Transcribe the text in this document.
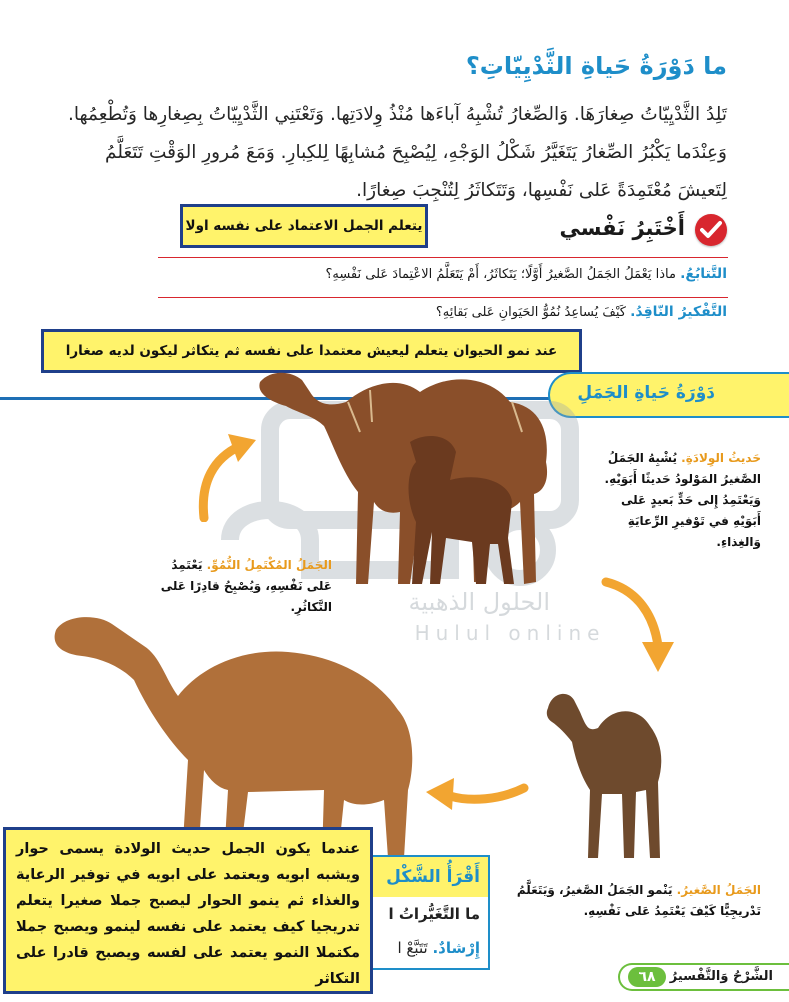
ما دَوْرَةُ حَياةِ الثَّدْيِيّاتِ؟
تَلِدُ الثَّدْيِيّاتُ صِغارَهَا. وَالصِّغارُ تُشْبِهُ آباءَها مُنْذُ وِلادَتِها. وَتَعْتَنِي الثَّدْيِيّاتُ بِصِغارِها وَتُطْعِمُها. وَعِنْدَما يَكْبُرُ الصِّغارُ يَتَغَيَّرُ شَكْلُ الوَجْهِ، لِيُصْبِحَ مُشابِهًا لِلكِبارِ. وَمَعَ مُرورِ الوَقْتِ تَتَعَلَّمُ لِتَعيشَ مُعْتَمِدَةً عَلى نَفْسِها، وَتَتَكاثَرُ لِتُنْجِبَ صِغارًا.
أَخْتَبِرُ نَفْسي
يتعلم الجمل الاعتماد على نفسه اولا
التَّتابُعُ. ماذا يَعْمَلُ الجَمَلُ الصَّغيرُ أَوَّلًا؛ يَتَكاثَرُ، أَمْ يَتَعَلَّمُ الاعْتِمادَ عَلى نَفْسِهِ؟
التَّفْكيرُ النّاقِدُ. كَيْفَ يُساعِدُ نُمُوُّ الحَيَوانِ عَلى بَقائِهِ؟
عند نمو الحيوان يتعلم ليعيش معتمدا على نفسه ثم يتكاثر ليكون لديه صغارا
دَوْرَةُ حَياةِ الجَمَلِ
الحلول الذهبية
Hulul online
حَديثُ الوِلادَةِ. يُشْبِهُ الجَمَلُ الصَّغيرُ المَوْلودُ حَديثًا أَبَوَيْهِ. وَيَعْتَمِدُ إِلى حَدٍّ بَعيدٍ عَلى أَبَوَيْهِ في تَوْفيرِ الرِّعايَةِ وَالغِذاءِ.
الجَمَلُ المُكْتَمِلُ النُّمُوِّ. يَعْتَمِدُ عَلى نَفْسِهِ، وَيُصْبِحُ قادِرًا عَلى التَّكاثُرِ.
الجَمَلُ الصَّغيرُ. يَنْمو الجَمَلُ الصَّغيرُ، وَيَتَعَلَّمُ تَدْريجِيًّا كَيْفَ يَعْتَمِدُ عَلى نَفْسِهِ.
أَقْرَأُ الشَّكْل
ما التَّغَيُّراتُ ا
إِرْشادٌ. تَتَبَّعْ ا
عندما يكون الجمل حديث الولادة يسمى حوار ويشبه ابويه ويعتمد على ابويه في توفير الرعاية والغذاء ثم ينمو الحوار ليصبح جملا صغيرا يتعلم تدريجيا كيف يعتمد على نفسه لينمو ويصبح جملا مكتملا النمو يعتمد على لفسه ويصبح قادرا على التكاثر	٦٨	الشَّرْحُ وَالتَّفْسيرُ
